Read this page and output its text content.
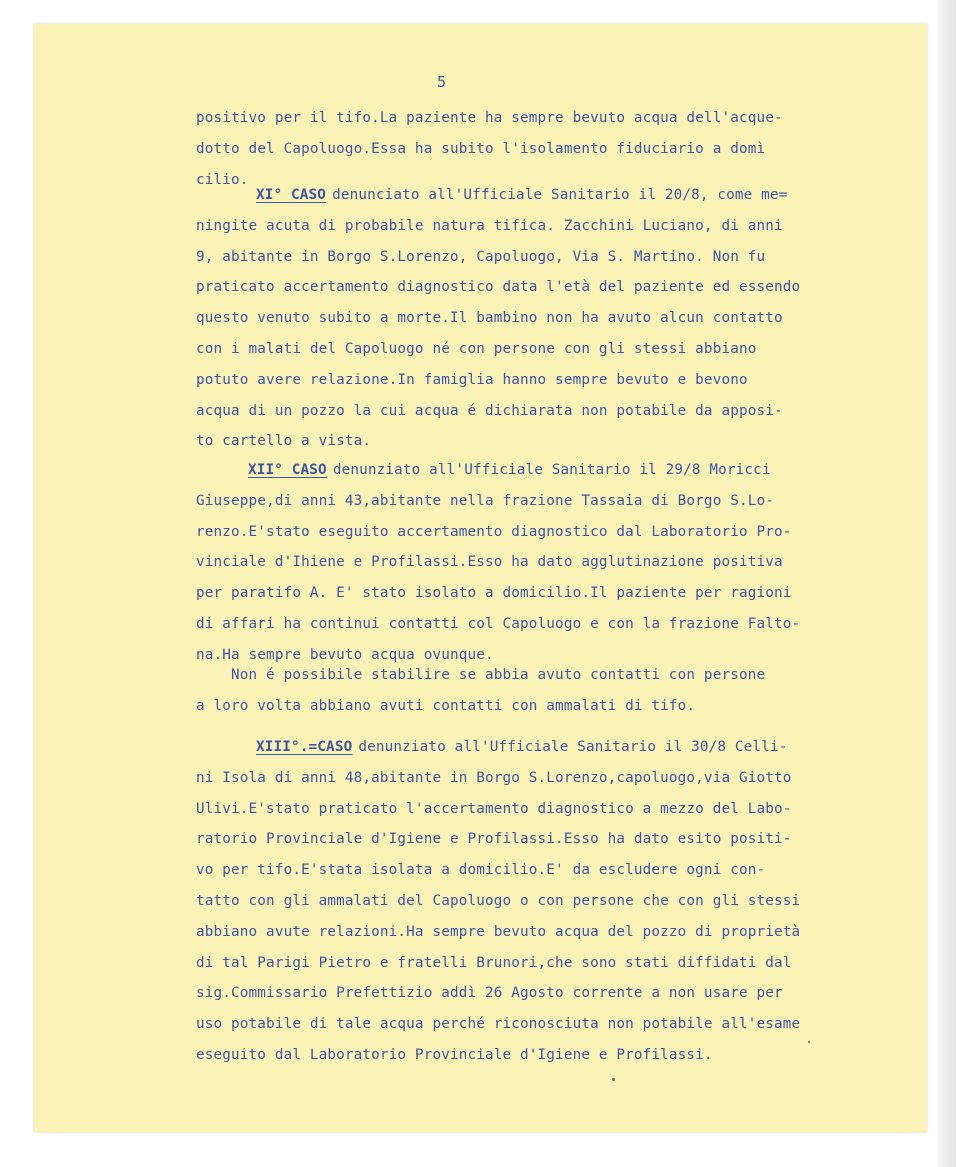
5
positivo per il tifo.La paziente ha sempre bevuto acqua dell'acque-
dotto del Capoluogo.Essa ha subito l'isolamento fiduciario a domì
cilio.
XI° CASO denunciato all'Ufficiale Sanitario il 20/8, come me=
ningite acuta di probabile natura tifica. Zacchini Luciano, di anni
9, abitante in Borgo S.Lorenzo, Capoluogo, Via S. Martino. Non fu
praticato accertamento diagnostico data l'età del paziente ed essendo
questo venuto subito a morte.Il bambino non ha avuto alcun contatto
con i malati del Capoluogo né con persone con gli stessi abbiano
potuto avere relazione.In famiglia hanno sempre bevuto e bevono
acqua di un pozzo la cui acqua é dichiarata non potabile da apposi-
to cartello a vista.
XII° CASO denunziato all'Ufficiale Sanitario il 29/8 Moricci
Giuseppe,di anni 43,abitante nella frazione Tassaia di Borgo S.Lo-
renzo.E'stato eseguito accertamento diagnostico dal Laboratorio Pro-
vinciale d'Ihiene e Profilassi.Esso ha dato agglutinazione positiva
per paratifo A. E' stato isolato a domicilio.Il paziente per ragioni
di affari ha continui contatti col Capoluogo e con la frazione Falto-
na.Ha sempre bevuto acqua ovunque.
Non é possibile stabilire se abbia avuto contatti con persone
a loro volta abbiano avuti contatti con ammalati di tifo.
XIII°.=CASO denunziato all'Ufficiale Sanitario il 30/8 Celli-
ni Isola di anni 48,abitante in Borgo S.Lorenzo,capoluogo,via Giotto
Ulivi.E'stato praticato l'accertamento diagnostico a mezzo del Labo-
ratorio Provinciale d'Igiene e Profilassi.Esso ha dato esito positi-
vo per tifo.E'stata isolata a domicilio.E' da escludere ogni con-
tatto con gli ammalati del Capoluogo o con persone che con gli stessi
abbiano avute relazioni.Ha sempre bevuto acqua del pozzo di proprietà
di tal Parigi Pietro e fratelli Brunori,che sono stati diffidati dal
sig.Commissario Prefettizio addì 26 Agosto corrente a non usare per
uso potabile di tale acqua perché riconosciuta non potabile all'esame
eseguito dal Laboratorio Provinciale d'Igiene e Profilassi.
